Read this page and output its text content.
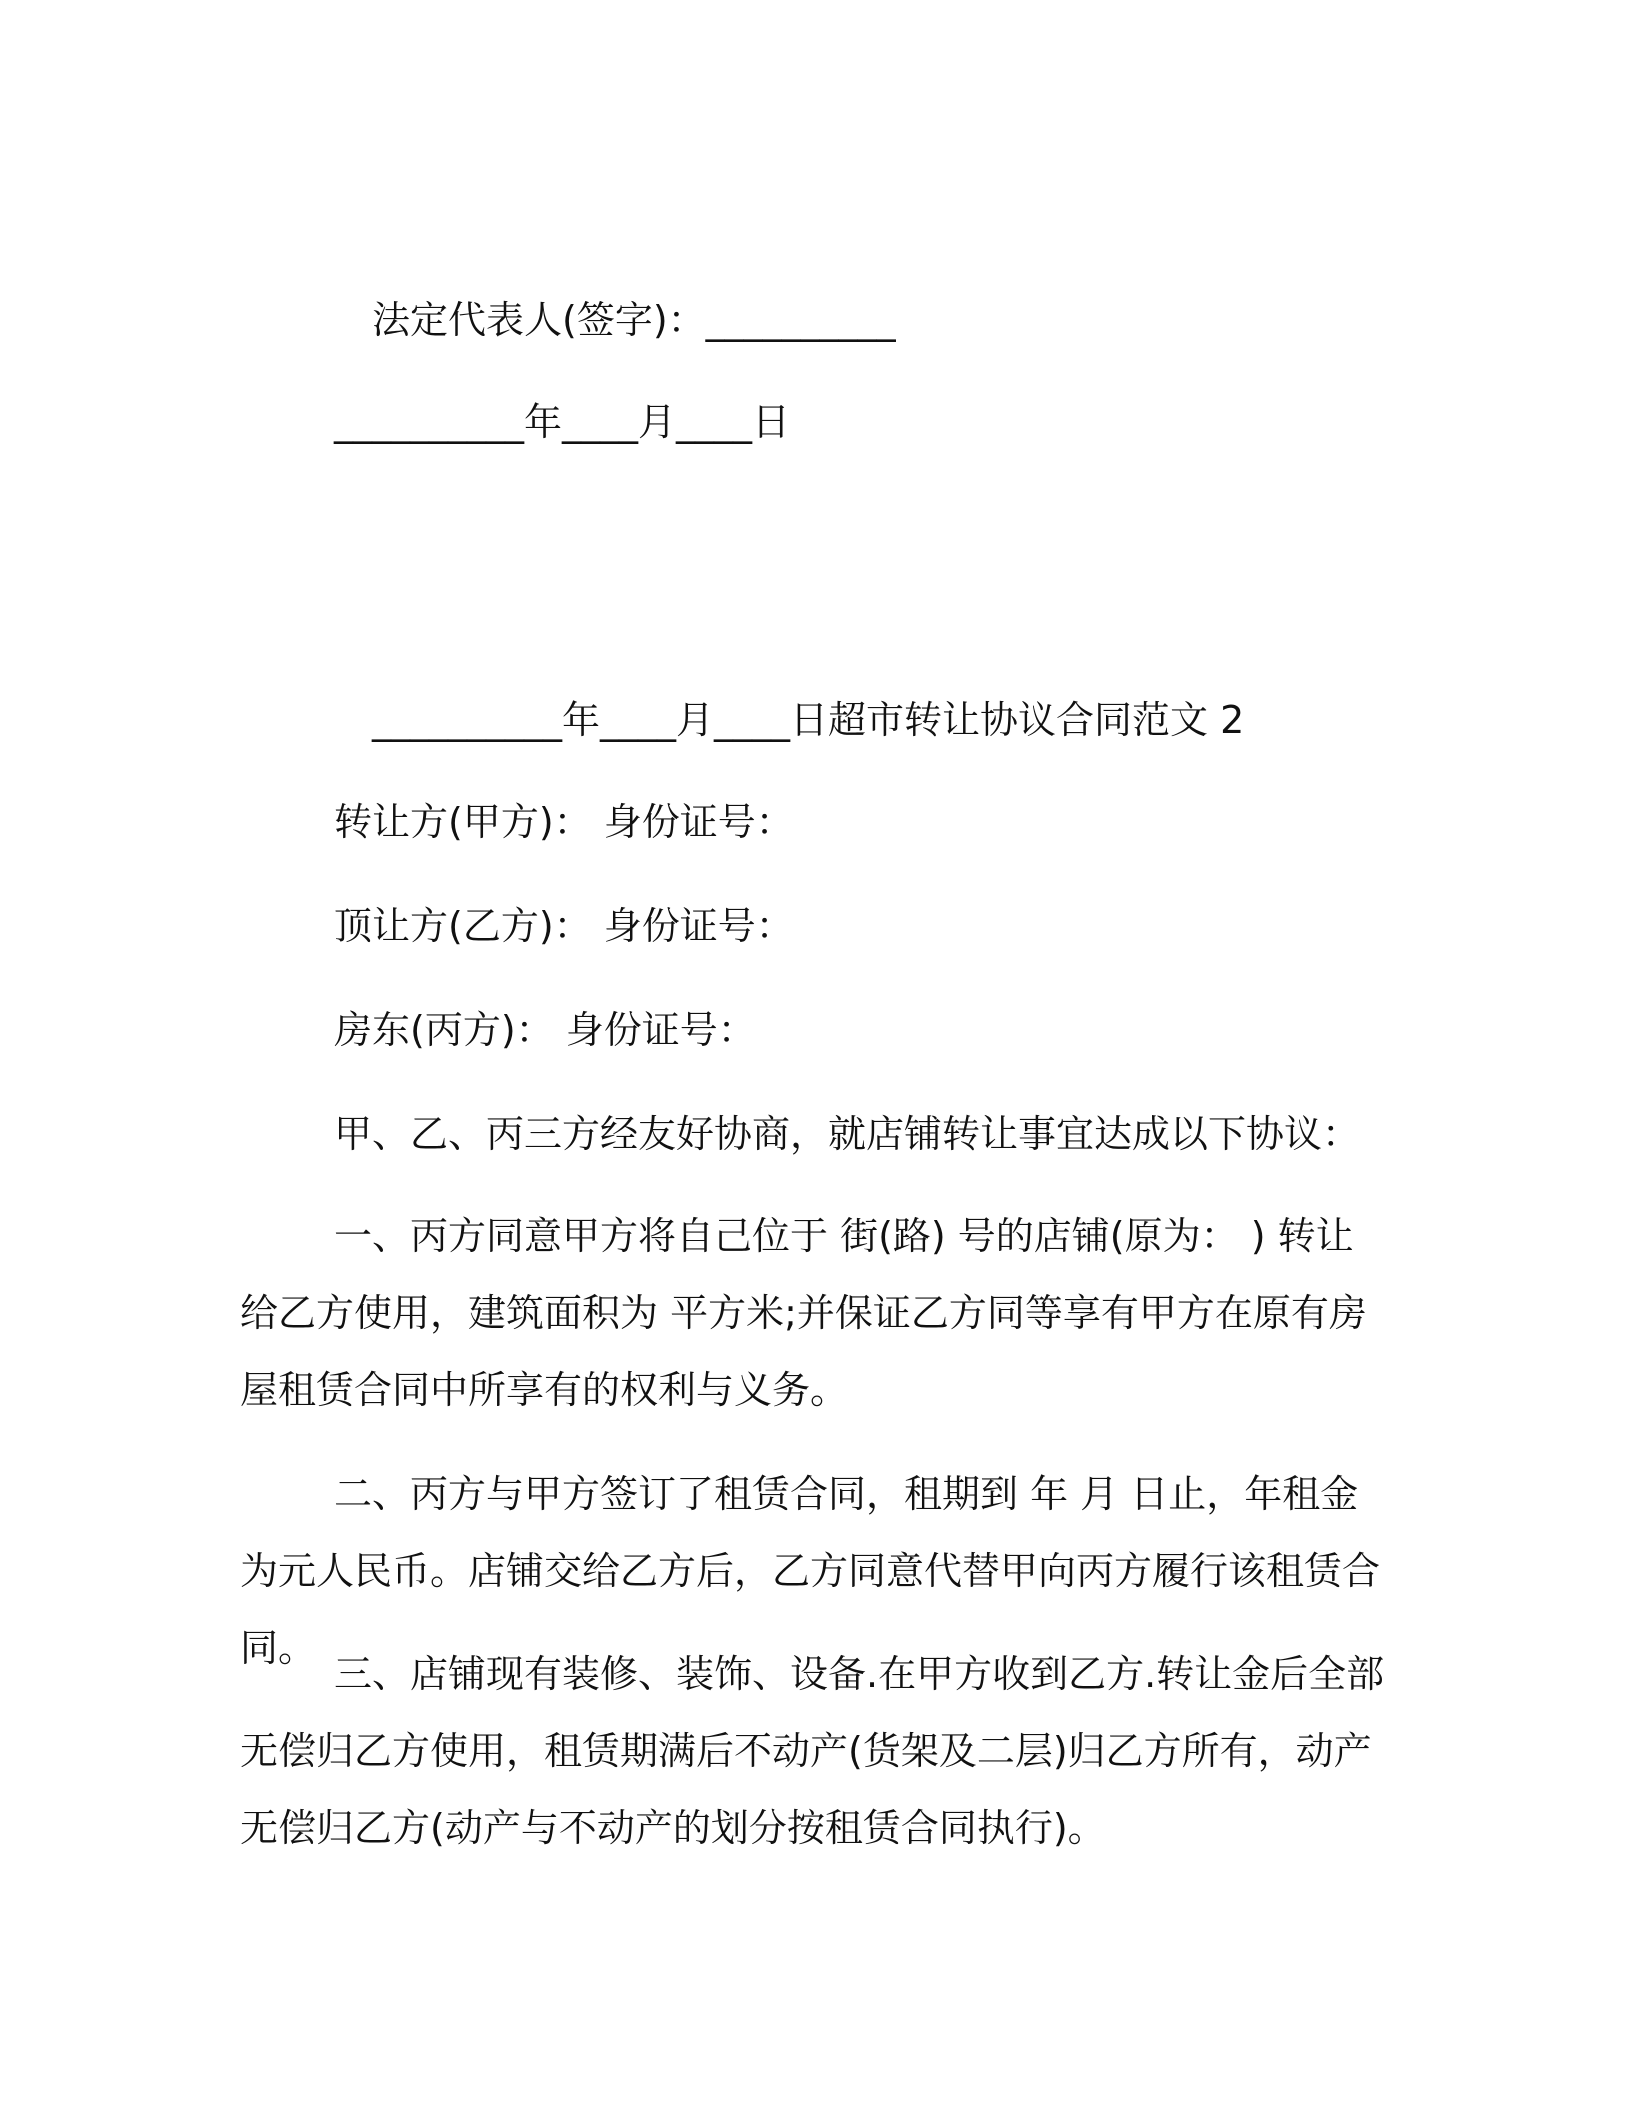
法定代表人(签字)：__________
__________年____月____日
__________年____月____日超市转让协议合同范文 2
转让方(甲方)： 身份证号：
顶让方(乙方)： 身份证号：
房东(丙方)： 身份证号：
甲、乙、丙三方经友好协商，就店铺转让事宜达成以下协议：

一、丙方同意甲方将自己位于 街(路) 号的店铺(原为： ) 转让给乙方使用，建筑面积为 平方米;并保证乙方同等享有甲方在原有房屋租赁合同中所享有的权利与义务。

二、丙方与甲方签订了租赁合同，租期到 年 月 日止，年租金为元人民币。店铺交给乙方后，乙方同意代替甲向丙方履行该租赁合同。

三、店铺现有装修、装饰、设备.在甲方收到乙方.转让金后全部无偿归乙方使用，租赁期满后不动产(货架及二层)归乙方所有，动产无偿归乙方(动产与不动产的划分按租赁合同执行)。
